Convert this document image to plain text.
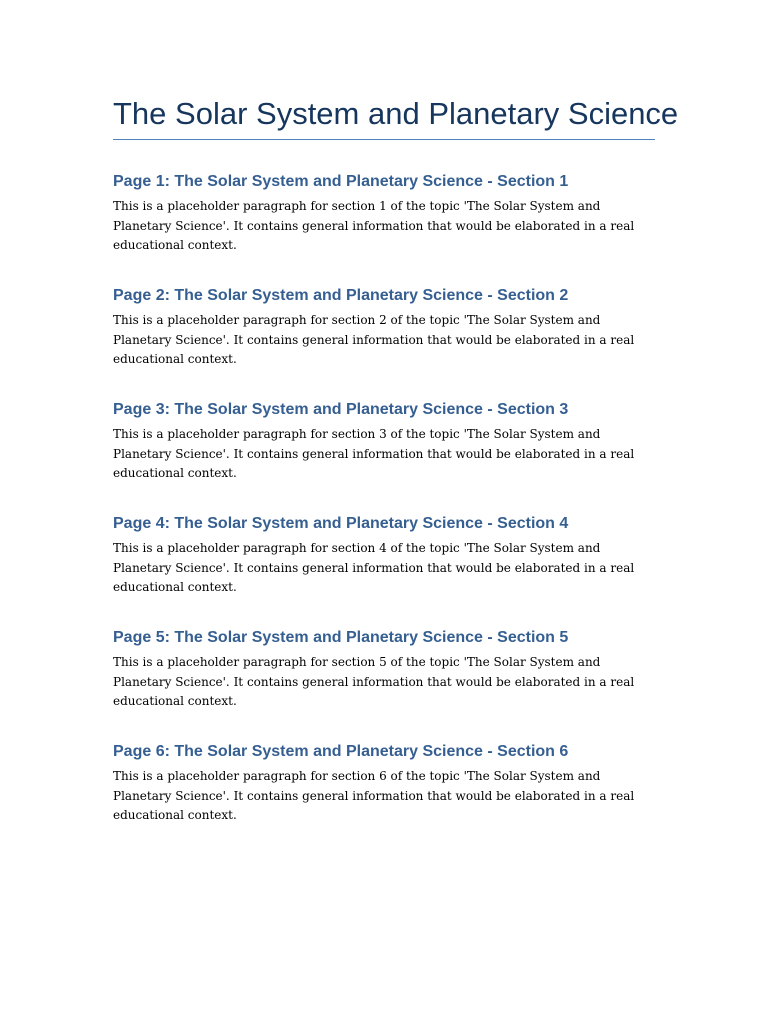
The Solar System and Planetary Science
Page 1: The Solar System and Planetary Science - Section 1

This is a placeholder paragraph for section 1 of the topic 'The Solar System and Planetary Science'. It contains general information that would be elaborated in a real educational context.

Page 2: The Solar System and Planetary Science - Section 2

This is a placeholder paragraph for section 2 of the topic 'The Solar System and Planetary Science'. It contains general information that would be elaborated in a real educational context.

Page 3: The Solar System and Planetary Science - Section 3

This is a placeholder paragraph for section 3 of the topic 'The Solar System and Planetary Science'. It contains general information that would be elaborated in a real educational context.

Page 4: The Solar System and Planetary Science - Section 4

This is a placeholder paragraph for section 4 of the topic 'The Solar System and Planetary Science'. It contains general information that would be elaborated in a real educational context.

Page 5: The Solar System and Planetary Science - Section 5

This is a placeholder paragraph for section 5 of the topic 'The Solar System and Planetary Science'. It contains general information that would be elaborated in a real educational context.

Page 6: The Solar System and Planetary Science - Section 6

This is a placeholder paragraph for section 6 of the topic 'The Solar System and Planetary Science'. It contains general information that would be elaborated in a real educational context.
